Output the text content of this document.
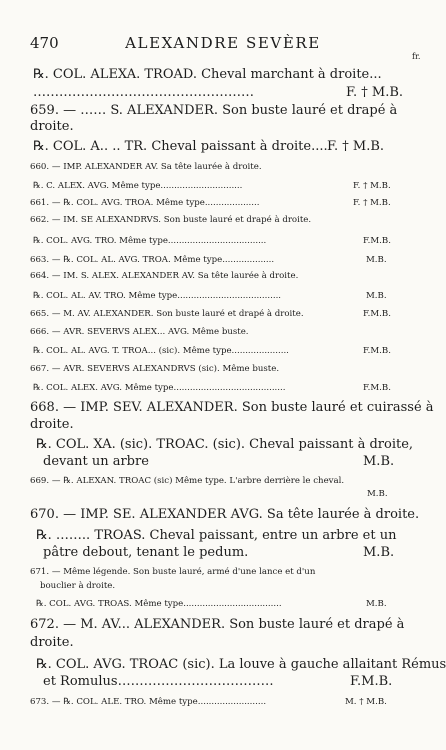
470	ALEXANDRE SEVÈRE
fr.
℞. COL. ALEXA. TROAD. Cheval marchant à droite...
……………………………………………	F. † M.B.
659. — …… S. ALEXANDER. Son buste lauré et drapé à
droite.
℞. COL. A.. .. TR. Cheval paissant à droite.....
F. † M.B.
660. — IMP. ALEXANDER AV. Sa tête laurée à droite.
℞. C. ALEX. AVG. Même type..............................	F. † M.B.
661. — ℞. COL. AVG. TROA. Même type....................	F. † M.B.
662. — IM. SE ALEXANDRVS. Son buste lauré et drapé à droite.
℞. COL. AVG. TRO. Même type....................................	F.M.B.
663. — ℞. COL. AL. AVG. TROA. Même type...................	M.B.
664. — IM. S. ALEX. ALEXANDER AV. Sa tête laurée à droite.
℞. COL. AL. AV. TRO. Même type......................................	M.B.
665. — M. AV. ALEXANDER. Son buste lauré et drapé à droite.	F.M.B.
666. — AVR. SEVERVS ALEX... AVG. Même buste.
℞. COL. AL. AVG. T. TROA... (sic). Même type.....................	F.M.B.
667. — AVR. SEVERVS ALEXANDRVS (sic). Même buste.
℞. COL. ALEX. AVG. Même type.........................................	F.M.B.
668. — IMP. SEV. ALEXANDER. Son buste lauré et cuirassé à
droite.
℞. COL. XA. (sic). TROAC. (sic). Cheval paissant à droite,
devant un arbre	M.B.
669. — ℞. ALEXAN. TROAC (sic) Même type. L'arbre derrière le cheval.
M.B.
670. — IMP. SE. ALEXANDER AVG. Sa tête laurée à droite.
℞. …….. TROAS. Cheval paissant, entre un arbre et un
pâtre debout, tenant le pedum.	M.B.
671. — Même légende. Son buste lauré, armé d'une lance et d'un
bouclier à droite.
℞. COL. AVG. TROAS. Même type....................................	M.B.
672. — M. AV... ALEXANDER. Son buste lauré et drapé à
droite.
℞. COL. AVG. TROAC (sic). La louve à gauche allaitant Rémus
et Romulus………………………………	F.M.B.
673. — ℞. COL. ALE. TRO. Même type.........................	M. † M.B.
